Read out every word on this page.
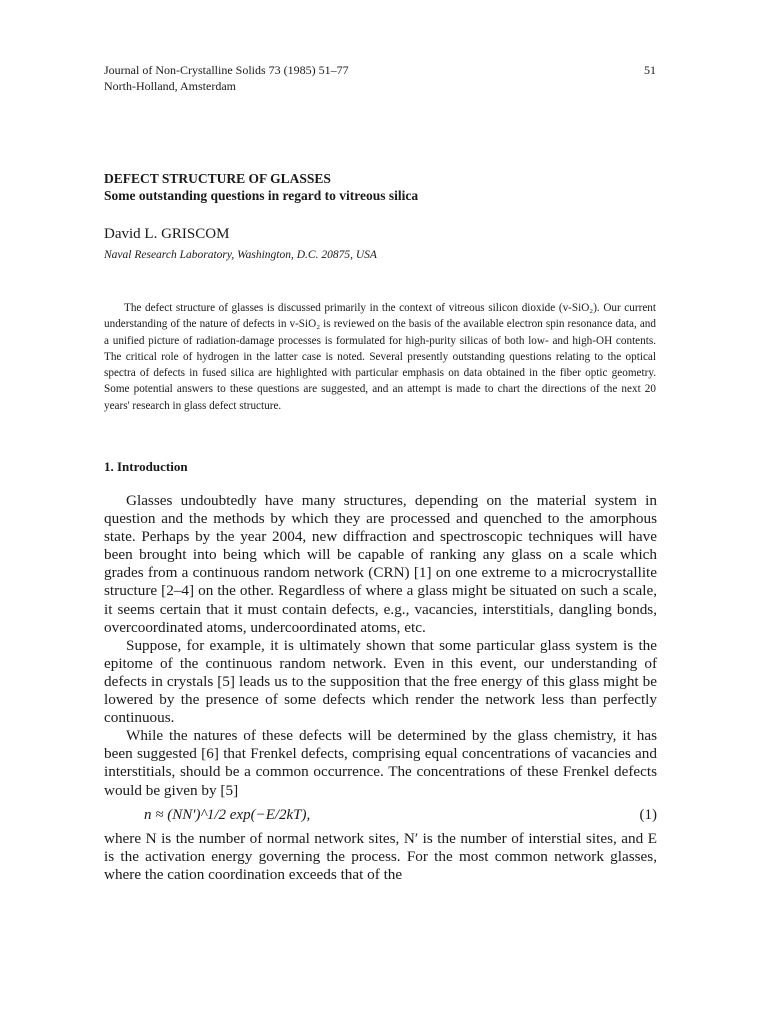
Journal of Non-Crystalline Solids 73 (1985) 51–77
North-Holland, Amsterdam
51

DEFECT STRUCTURE OF GLASSES

Some outstanding questions in regard to vitreous silica

David L. GRISCOM
Naval Research Laboratory, Washington, D.C. 20875, USA
The defect structure of glasses is discussed primarily in the context of vitreous silicon dioxide (v-SiO₂). Our current understanding of the nature of defects in v-SiO₂ is reviewed on the basis of the available electron spin resonance data, and a unified picture of radiation-damage processes is formulated for high-purity silicas of both low- and high-OH contents. The critical role of hydrogen in the latter case is noted. Several presently outstanding questions relating to the optical spectra of defects in fused silica are highlighted with particular emphasis on data obtained in the fiber optic geometry. Some potential answers to these questions are suggested, and an attempt is made to chart the directions of the next 20 years' research in glass defect structure.
1. Introduction

Glasses undoubtedly have many structures, depending on the material system in question and the methods by which they are processed and quenched to the amorphous state. Perhaps by the year 2004, new diffraction and spectroscopic techniques will have been brought into being which will be capable of ranking any glass on a scale which grades from a continuous random network (CRN) [1] on one extreme to a microcrystallite structure [2–4] on the other. Regardless of where a glass might be situated on such a scale, it seems certain that it must contain defects, e.g., vacancies, interstitials, dangling bonds, overcoordinated atoms, undercoordinated atoms, etc.

Suppose, for example, it is ultimately shown that some particular glass system is the epitome of the continuous random network. Even in this event, our understanding of defects in crystals [5] leads us to the supposition that the free energy of this glass might be lowered by the presence of some defects which render the network less than perfectly continuous.

While the natures of these defects will be determined by the glass chemistry, it has been suggested [6] that Frenkel defects, comprising equal concentrations of vacancies and interstitials, should be a common occurrence. The concentrations of these Frenkel defects would be given by [5]

n ≈ (NN′)^1/2 exp(−E/2kT),	(1)

where N is the number of normal network sites, N′ is the number of interstial sites, and E is the activation energy governing the process. For the most common network glasses, where the cation coordination exceeds that of the
